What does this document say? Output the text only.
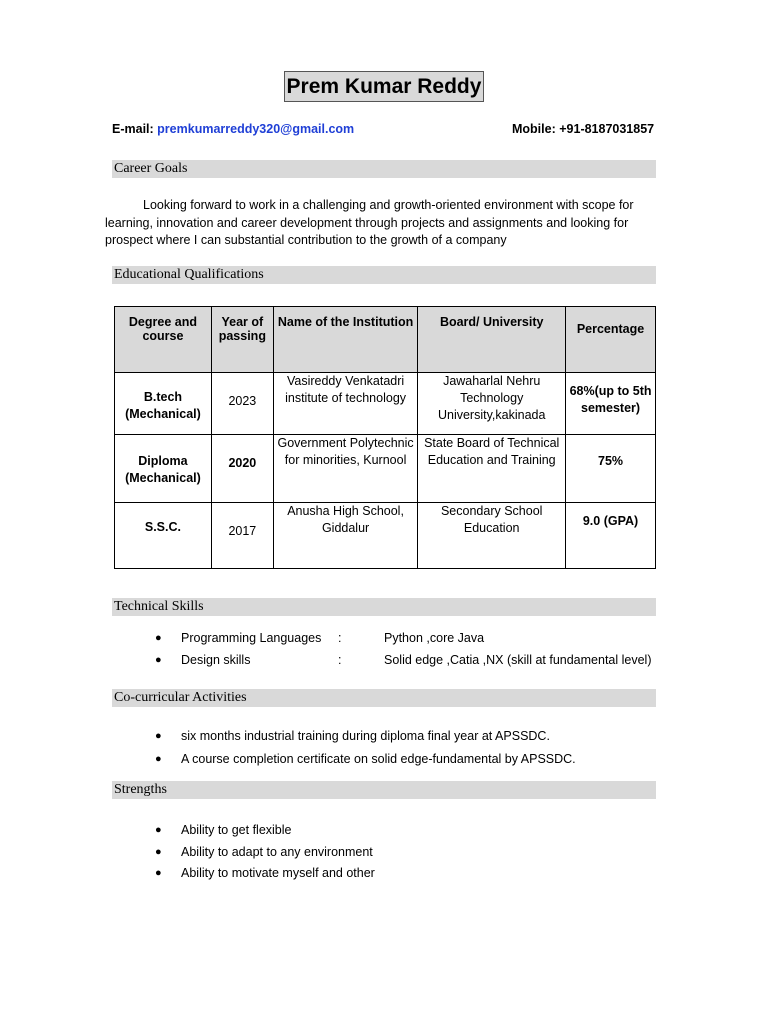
Prem Kumar Reddy
E-mail: premkumarreddy320@gmail.com	Mobile: +91-8187031857
Career Goals
Looking forward to work in a challenging and growth-oriented environment with scope for learning, innovation and career development through projects and assignments and looking for prospect where I can substantial contribution to the growth of a company
Educational Qualifications
Degree and course	Year of passing	Name of the Institution	Board/ University	Percentage
B.tech (Mechanical)	2023	Vasireddy Venkatadri institute of technology	Jawaharlal Nehru Technology University,kakinada	68%(up to 5th semester)
Diploma (Mechanical)	2020	Government Polytechnic for minorities, Kurnool	State Board of Technical Education and Training	75%
S.S.C.	2017	Anusha High School, Giddalur	Secondary School Education	9.0 (GPA)
Technical Skills
● Programming Languages :	Python ,core Java
● Design skills	:	Solid edge ,Catia ,NX (skill at fundamental level)
Co-curricular Activities
● six months industrial training during diploma final year at APSSDC.
● A course completion certificate on solid edge-fundamental by APSSDC.
Strengths
● Ability to get flexible
● Ability to adapt to any environment
● Ability to motivate myself and other
